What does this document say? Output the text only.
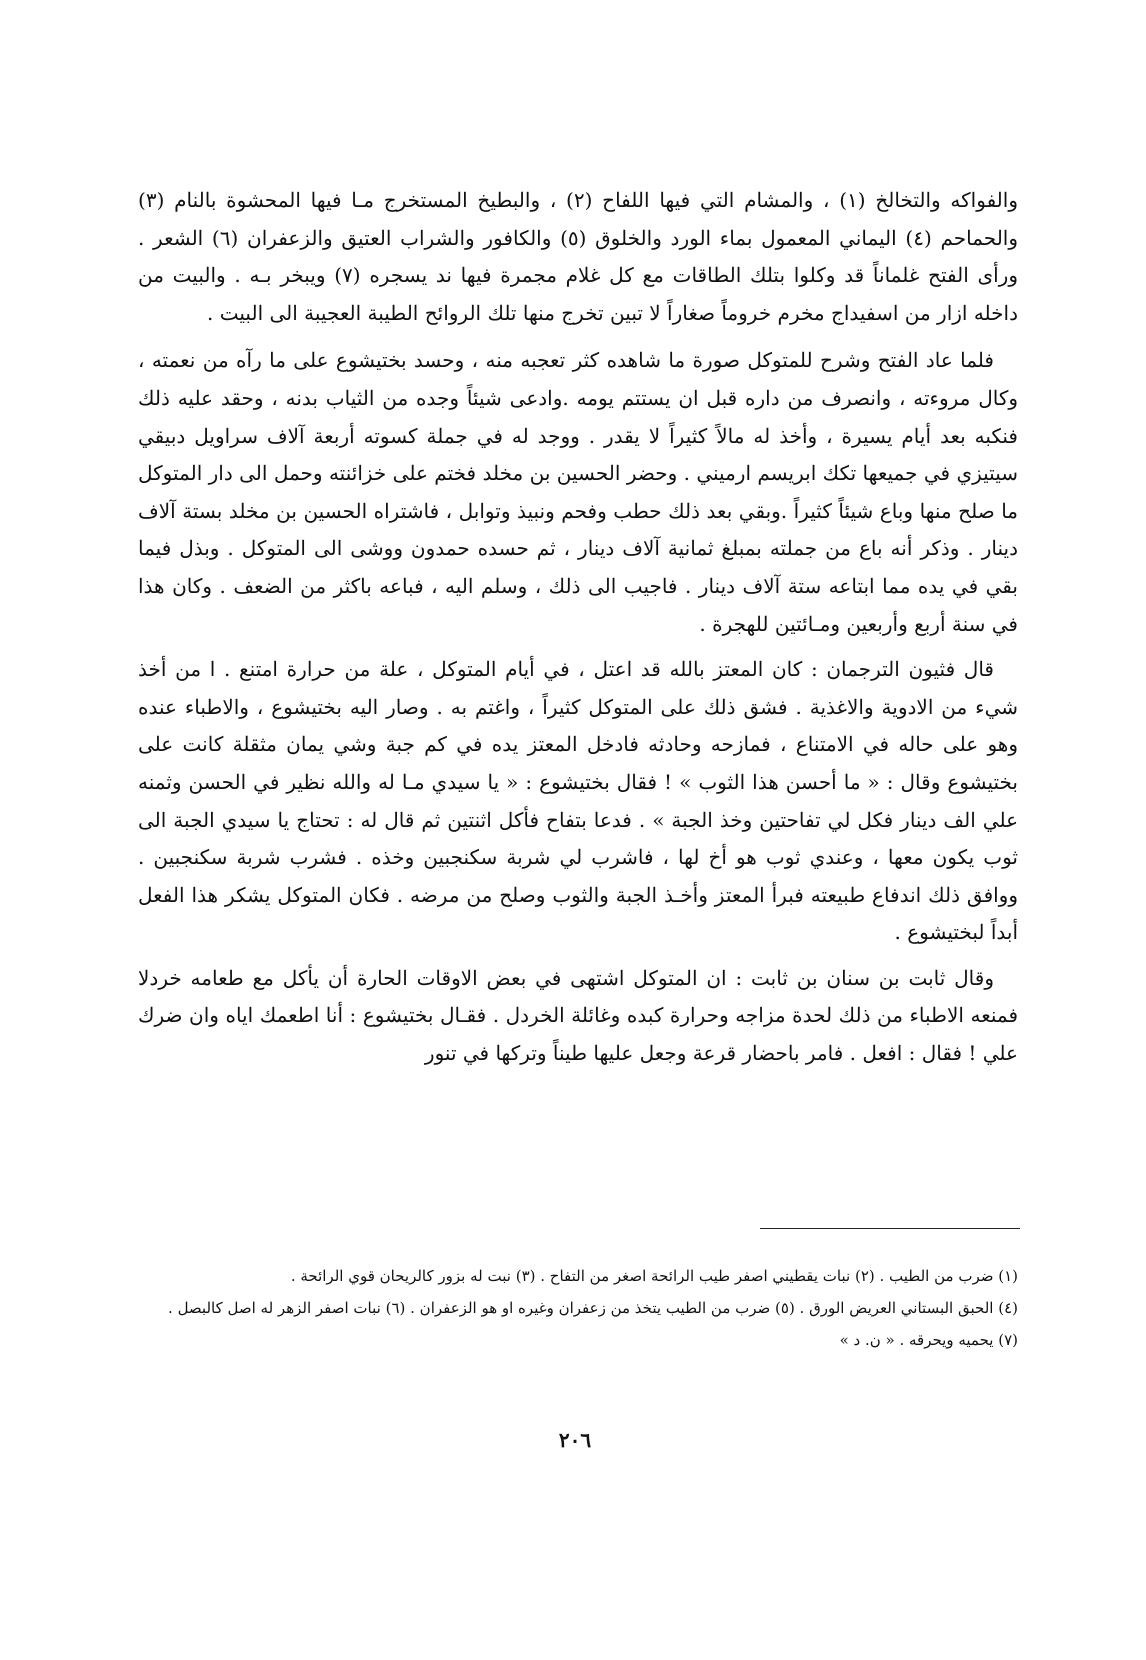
والفواكه والتخالخ (١) ، والمشام التي فيها اللفاح (٢) ، والبطيخ المستخرج مـا فيها المحشوة بالنام (٣) والحماحم (٤) اليماني المعمول بماء الورد والخلوق (٥) والكافور والشراب العتيق والزعفران (٦) الشعر . ورأى الفتح غلماناً قد وكلوا بتلك الطاقات مع كل غلام مجمرة فيها ند يسجره (٧) ويبخر بـه . والبيت من داخله ازار من اسفيداج مخرم خروماً صغاراً لا تبين تخرج منها تلك الروائح الطيبة العجيبة الى البيت .

فلما عاد الفتح وشرح للمتوكل صورة ما شاهده كثر تعجبه منه ، وحسد بختيشوع على ما رآه من نعمته ، وكال مروءته ، وانصرف من داره قبل ان يستتم يومه .وادعى شيئاً وجده من الثياب بدنه ، وحقد عليه ذلك فنكبه بعد أيام يسيرة ، وأخذ له مالاً كثيراً لا يقدر . ووجد له في جملة كسوته أربعة آلاف سراويل دبيقي سيتيزي في جميعها تكك ابريسم ارميني . وحضر الحسين بن مخلد فختم على خزائنته وحمل الى دار المتوكل ما صلح منها وباع شيئاً كثيراً .وبقي بعد ذلك حطب وفحم ونبيذ وتوابل ، فاشتراه الحسين بن مخلد بستة آلاف دينار . وذكر أنه باع من جملته بمبلغ ثمانية آلاف دينار ، ثم حسده حمدون ووشى الى المتوكل . وبذل فيما بقي في يده مما ابتاعه ستة آلاف دينار . فاجيب الى ذلك ، وسلم اليه ، فباعه باكثر من الضعف . وكان هذا في سنة أربع وأربعين ومـائتين للهجرة .

قال فثيون الترجمان : كان المعتز بالله قد اعتل ، في أيام المتوكل ، علة من حرارة امتنع . ا من أخذ شيء من الادوية والاغذية . فشق ذلك على المتوكل كثيراً ، واغتم به . وصار اليه بختيشوع ، والاطباء عنده وهو على حاله في الامتناع ، فمازحه وحادثه فادخل المعتز يده في كم جبة وشي يمان مثقلة كانت على بختيشوع وقال : « ما أحسن هذا الثوب » ! فقال بختيشوع : « يا سيدي مـا له والله نظير في الحسن وثمنه علي الف دينار فكل لي تفاحتين وخذ الجبة » . فدعا بتفاح فأكل اثنتين ثم قال له : تحتاج يا سيدي الجبة الى ثوب يكون معها ، وعندي ثوب هو أخ لها ، فاشرب لي شربة سكنجبين وخذه . فشرب شربة سكنجبين . ووافق ذلك اندفاع طبيعته فبرأ المعتز وأخـذ الجبة والثوب وصلح من مرضه . فكان المتوكل يشكر هذا الفعل أبداً لبختيشوع .

وقال ثابت بن سنان بن ثابت : ان المتوكل اشتهى في بعض الاوقات الحارة أن يأكل مع طعامه خردلا فمنعه الاطباء من ذلك لحدة مزاجه وحرارة كبده وغائلة الخردل . فقـال بختيشوع : أنا اطعمك اياه وان ضرك علي ! فقال : افعل . فامر باحضار قرعة وجعل عليها طيناً وتركها في تنور

(١) ضرب من الطيب . (٢) نبات يقطيني اصفر طيب الرائحة اصغر من التفاح . (٣) نبت له بزور كالريحان قوي الرائحة .

(٤) الحبق البستاني العريض الورق . (٥) ضرب من الطيب يتخذ من زعفران وغيره او هو الزعفران . (٦) نبات اصفر الزهر له اصل كالبصل .

(٧) يحميه ويحرقه . « ن. د »

٢٠٦
